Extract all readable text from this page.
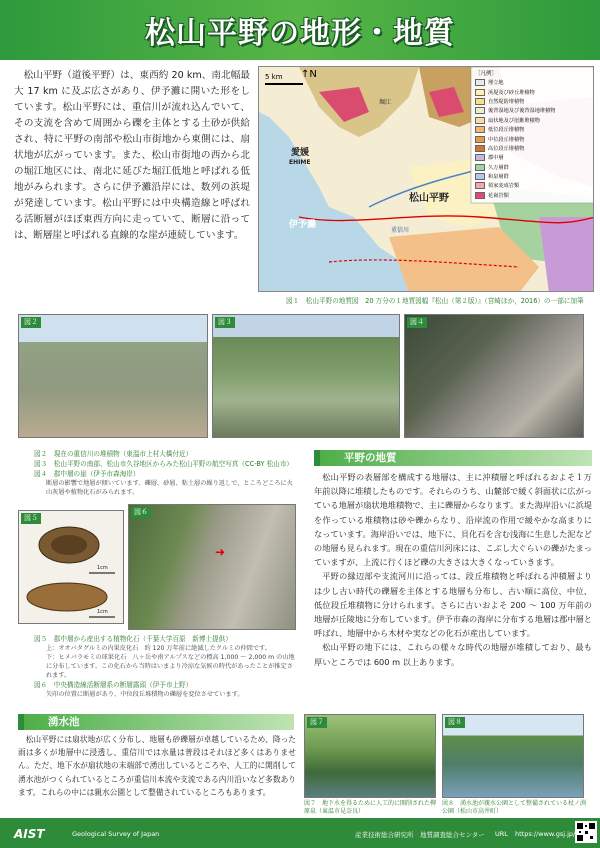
松山平野の地形・地質

松山平野（道後平野）は、東西約 20 km、南北幅最大 17 km に及ぶ広さがあり、伊予灘に開いた形をしています。松山平野には、重信川が流れ込んでいて、その支流を含めて周囲から礫を主体とする土砂が供給され、特に平野の南部や松山市街地から東側には、扇状地が広がっています。また、松山市街地の西から北の堀江地区には、南北に延びた堀江低地と呼ばれる低地がみられます。さらに伊予灘沿岸には、数列の浜堤が発達しています。松山平野には中央構造線と呼ばれる活断層がほぼ東西方向に走っていて、断層に沿っては、断層崖と呼ばれる直線的な崖が連続しています。

5 km ↑N
愛媛
EHIME
伊予灘
松山平野
重信川
堀江
［凡例］
埋立地
浜堤及び砂丘堆積物
自然堤防堆積物
後背湿地及び後背湿地堆積物
扇状地及び崖錐堆積物
低位段丘堆積物
中位段丘堆積物
高位段丘堆積物
郡中層
久万層群
和泉層群
領家変成岩類
花崗岩類
図１　松山平野の地質図　20 万分の１地質図幅『松山（第２版）』（宮崎ほか，2016）の一部に加筆
図２	図３	図４
図２　現在の重信川の堆積物（東温市上村大橋付近）
図３　松山平野の南部、松山市久谷地区からみた松山平野の航空写真（CC-BY 松山市）
図４　郡中層の崖（伊予市森海岸）
断層の影響で地層が傾いています。礫層、砂層、粘土層の繰り返しで、ところどころに火山灰層や植物化石がみられます。
図５
1cm
1cm
図６
➜
図５　郡中層から産出する植物化石（千葉大学百原　新博士提供）
上：オオバタグルミの内果皮化石　約 120 万年前に絶滅したクルミの仲間です。
下：ヒメバラモミの球果化石　八ヶ岳や南アルプスなどの標高 1,000 ～ 2,000 m の山地に分布しています。この化石から当時はいまより冷涼な気候の時代があったことが推定されます。
図６　中央構造線活断層系の断層露頭（伊予市上野）
矢印の位置に断層があり、中位段丘堆積物の礫層を変位させています。
平野の地質

松山平野の表層部を構成する地層は、主に沖積層と呼ばれるおよそ１万年前以降に堆積したものです。それらのうち、山麓部で緩く斜面状に広がっている地層が扇状地堆積物で、主に礫層からなります。また海岸沿いに浜堤を作っている堆積物は砂や礫からなり、沿岸流の作用で緩やかな高まりになっています。海岸沿いでは、地下に、貝化石を含む浅海に生息した泥などの地層も見られます。現在の重信川河床には、こぶし大ぐらいの礫がたまっていますが、上流に行くほど礫の大きさは大きくなっていきます。

平野の縁辺部や支流河川に沿っては、段丘堆積物と呼ばれる沖積層よりは少し古い時代の礫層を主体とする地層も分布し、古い順に高位、中位、低位段丘堆積物に分けられます。さらに古いおよそ 200 ～ 100 万年前の地層が丘陵地に分布しています。伊予市森の海岸に分布する地層は郡中層と呼ばれ、地層中から木材や実などの化石が産出しています。

松山平野の地下には、これらの様々な時代の地層が堆積しており、最も厚いところでは 600 m 以上あります。

湧水池

松山平野には扇状地が広く分布し、地層も砂礫層が卓越しているため、降った雨は多くが地層中に浸透し、重信川では水量は普段はそれほど多くはありません。ただ、地下水が扇状地の末端部で湧出しているところや、人工的に開削して湧水池がつくられているところが重信川本流や支流である内川沿いなど多数あります。これらの中には親水公園として整備されているところもあります。

図７	図８
図７　地下水を得るために人工的に開削された柳原泉（東温市見奈良）
図８　湧水池が親水公園として整備されている杖ノ渕公園（松山市高井町）
AIST	Geological Survey of Japan	産業技術総合研究所　地質調査総合センター URL https://www.gsj.jp/
